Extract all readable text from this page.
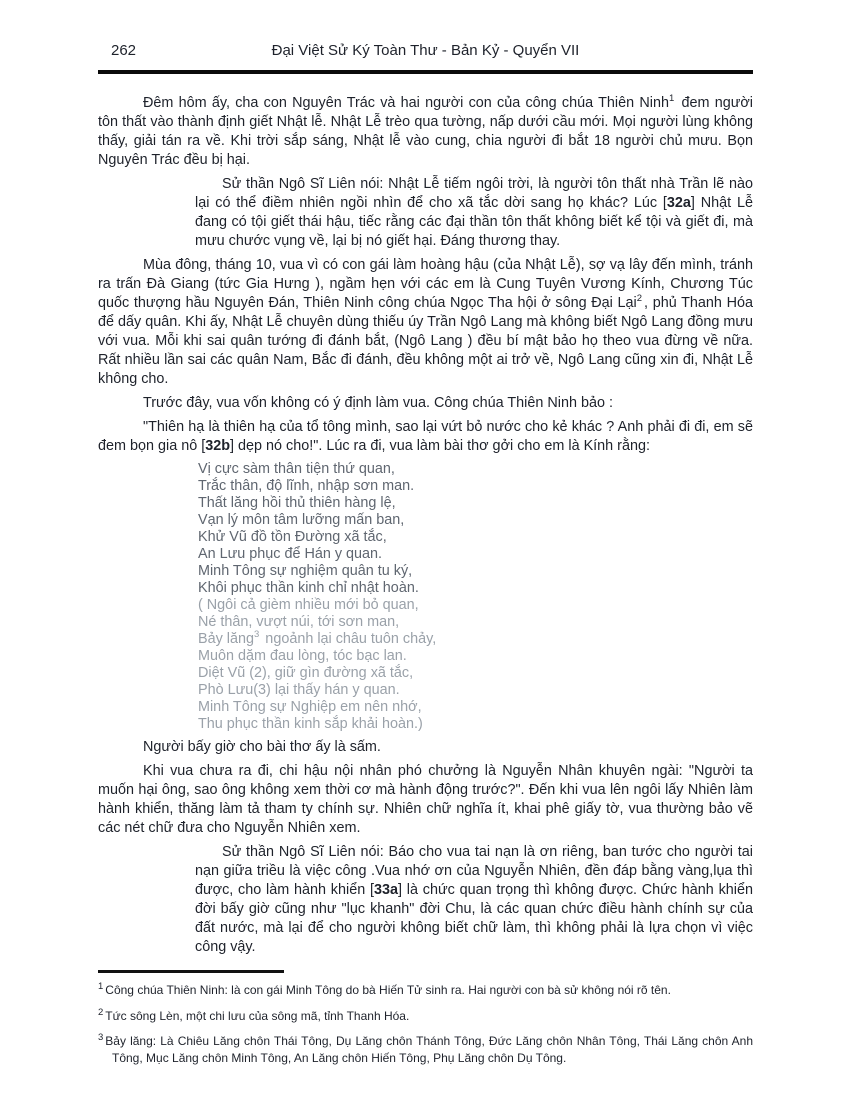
262	Đại Việt Sử Ký Toàn Thư - Bản Kỷ - Quyển VII
Đêm hôm ấy, cha con Nguyên Trác và hai người con của công chúa Thiên Ninh$^1$ đem người tôn thất vào thành định giết Nhật lễ. Nhật Lễ trèo qua tường, nấp dưới cầu mới. Mọi người lùng không thấy, giải tán ra về. Khi trời sắp sáng, Nhật lễ vào cung, chia người đi bắt 18 người chủ mưu. Bọn Nguyên Trác đều bị hại.
Sử thần Ngô Sĩ Liên nói: Nhật Lễ tiếm ngôi trời, là người tôn thất nhà Trần lẽ nào lại có thể điềm nhiên ngồi nhìn để cho xã tắc dời sang họ khác? Lúc [32a] Nhật Lễ đang có tội giết thái hậu, tiếc rằng các đại thần tôn thất không biết kể tội và giết đi, mà mưu chước vụng về, lại bị nó giết hại. Đáng thương thay.
Mùa đông, tháng 10, vua vì có con gái làm hoàng hậu (của Nhật Lễ), sợ vạ lây đến mình, tránh ra trấn Đà Giang (tức Gia Hưng ), ngầm hẹn với các em là Cung Tuyên Vương Kính, Chương Túc quốc thượng hầu Nguyên Đán, Thiên Ninh công chúa Ngọc Tha hội ở sông Đại Lại$^2$ , phủ Thanh Hóa để dấy quân. Khi ấy, Nhật Lễ chuyên dùng thiếu úy Trần Ngô Lang mà không biết Ngô Lang đồng mưu với vua. Mỗi khi sai quân tướng đi đánh bắt, (Ngô Lang ) đều bí mật bảo họ theo vua đừng về nữa. Rất nhiều lần sai các quân Nam, Bắc đi đánh, đều không một ai trở về, Ngô Lang cũng xin đi, Nhật Lễ không cho.
Trước đây, vua vốn không có ý định làm vua. Công chúa Thiên Ninh bảo :
"Thiên hạ là thiên hạ của tổ tông mình, sao lại vứt bỏ nước cho kẻ khác ? Anh phải đi đi, em sẽ đem bọn gia nô [32b] dẹp nó cho!". Lúc ra đi, vua làm bài thơ gởi cho em là Kính rằng:
Vị cực sàm thân tiện thứ quan,
Trắc thân, độ lĩnh, nhập sơn man.
Thất lăng hồi thủ thiên hàng lệ,
Vạn lý môn tâm lưỡng mấn ban,
Khử Vũ đồ tồn Đường xã tắc,
An Lưu phục để Hán y quan.
Minh Tông sự nghiệm quân tu ký,
Khôi phục thần kinh chỉ nhật hoàn.
( Ngôi cả gièm nhiều mới bỏ quan,
Né thân, vượt núi, tới sơn man,
Bảy lăng$^3$ ngoảnh lại châu tuôn chảy,
Muôn dặm đau lòng, tóc bạc lan.
Diệt Vũ (2), giữ gìn đường xã tắc,
Phò Lưu(3) lại thấy hán y quan.
Minh Tông sự Nghiệp em nên nhớ,
Thu phục thần kinh sắp khải hoàn.)
Người bấy giờ cho bài thơ ấy là sấm.
Khi vua chưa ra đi, chi hậu nội nhân phó chưởng là Nguyễn Nhân khuyên ngài: "Người ta muốn hại ông, sao ông không xem thời cơ mà hành động trước?". Đến khi vua lên ngôi lấy Nhiên làm hành khiển, thăng làm tả tham ty chính sự. Nhiên chữ nghĩa ít, khai phê giấy tờ, vua thường bảo vẽ các nét chữ đưa cho Nguyễn Nhiên xem.
Sử thần Ngô Sĩ Liên nói: Báo cho vua tai nạn là ơn riêng, ban tước cho người tai nạn giữa triều là việc công .Vua nhớ ơn của Nguyễn Nhiên, đền đáp bằng vàng,lụa thì được, cho làm hành khiển [33a] là chức quan trọng thì không được. Chức hành khiển đời bấy giờ cũng như "lục khanh" đời Chu, là các quan chức điều hành chính sự của đất nước, mà lại để cho người không biết chữ làm, thì không phải là lựa chọn vì việc công vậy.
$^1$ Công chúa Thiên Ninh: là con gái Minh Tông do bà Hiến Tử sinh ra. Hai người con bà sử không nói rõ tên.
$^2$ Tức sông Lèn, một chi lưu của sông mã, tỉnh Thanh Hóa.
$^3$ Bảy lăng: Là Chiêu Lăng chôn Thái Tông, Dụ Lăng chôn Thánh Tông, Đức Lăng chôn Nhân Tông, Thái Lăng chôn Anh Tông, Mục Lăng chôn Minh Tông, An Lăng chôn Hiến Tông, Phụ Lăng chôn Dụ Tông.
